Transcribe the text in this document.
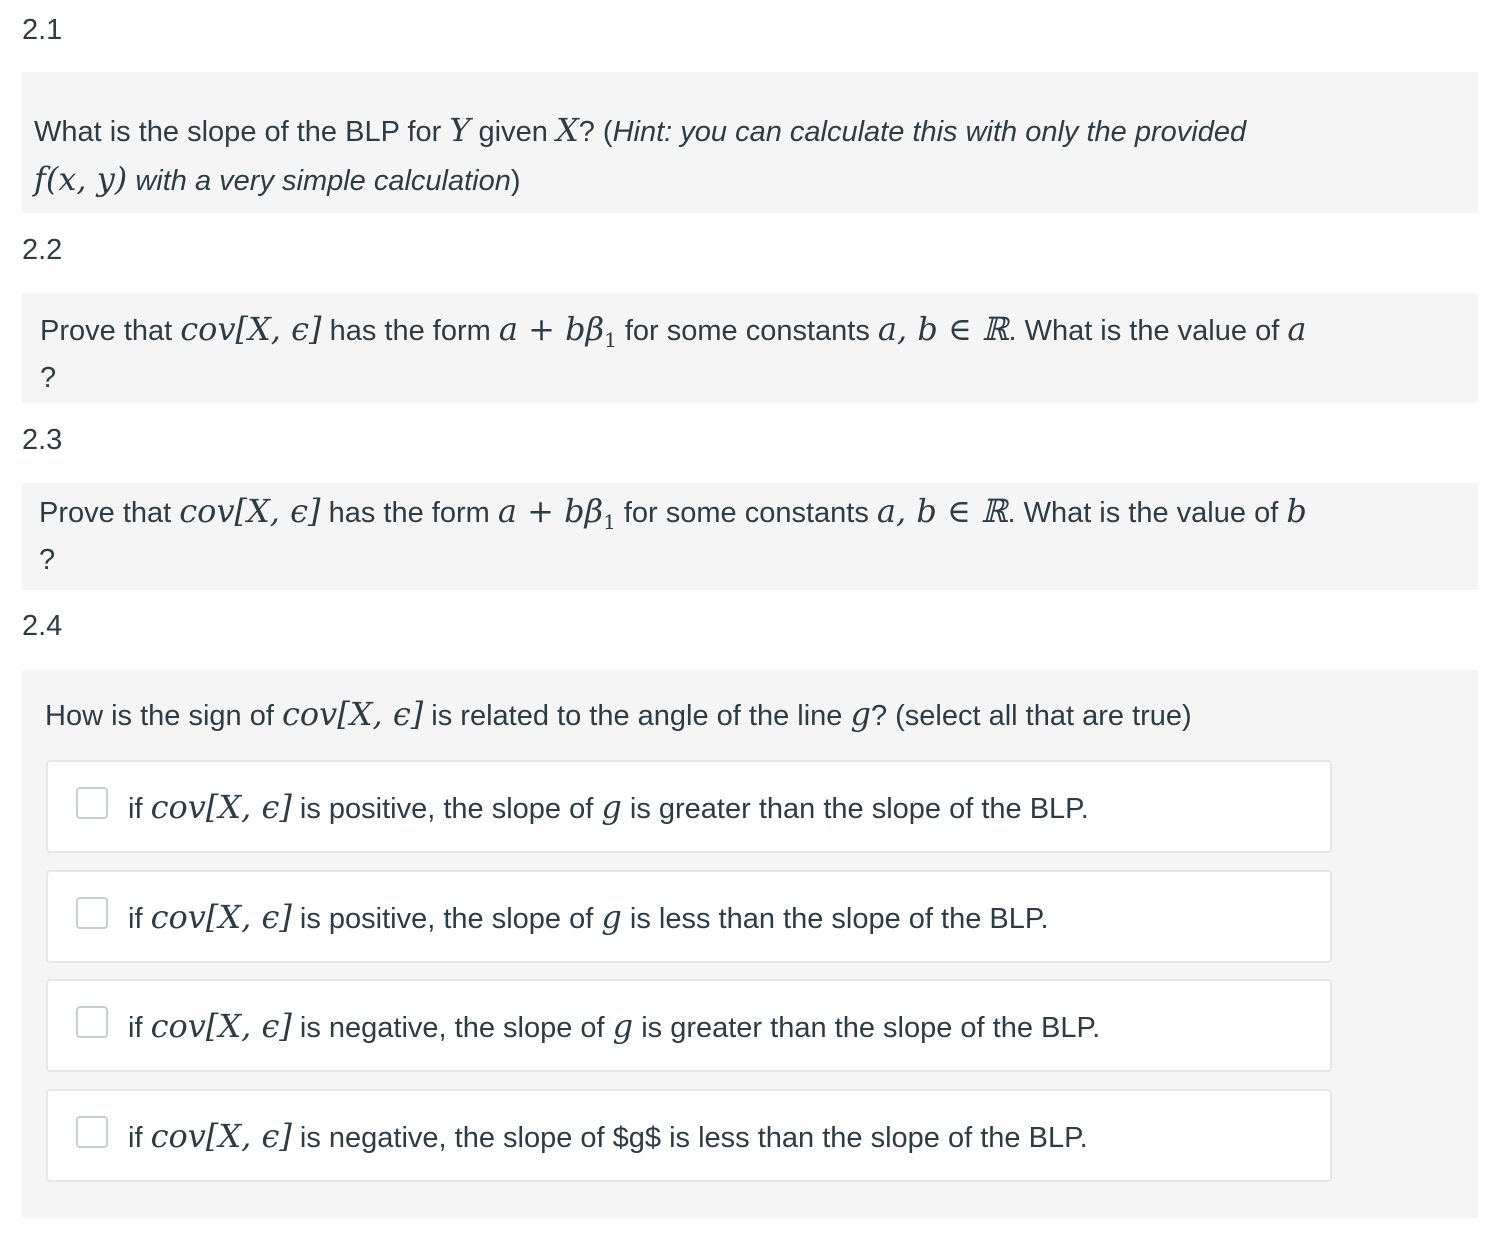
2.1
What is the slope of the BLP for Y given X? (Hint: you can calculate this with only the provided
f(x, y) with a very simple calculation)
2.2
Prove that cov[X, ϵ] has the form $a + b\beta_1$ for some constants a, b ∈ ℝ. What is the value of a
?
2.3
Prove that cov[X, ϵ] has the form $a + b\beta_1$ for some constants a, b ∈ ℝ. What is the value of b
?
2.4
How is the sign of cov[X, ϵ] is related to the angle of the line g? (select all that are true)
if cov[X, ϵ] is positive, the slope of g is greater than the slope of the BLP.
if cov[X, ϵ] is positive, the slope of g is less than the slope of the BLP.
if cov[X, ϵ] is negative, the slope of g is greater than the slope of the BLP.
if cov[X, ϵ] is negative, the slope of $g$ is less than the slope of the BLP.
